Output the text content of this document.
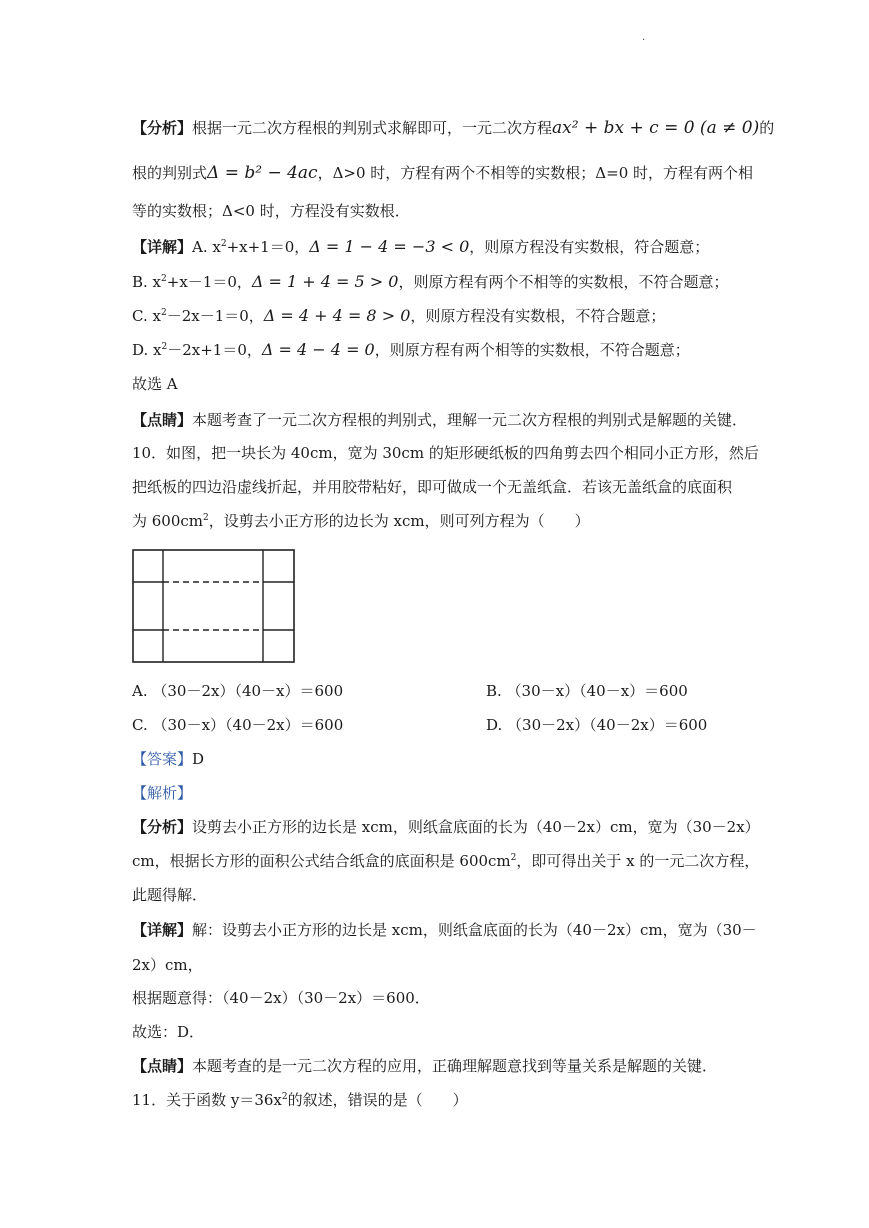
.
【分析】根据一元二次方程根的判别式求解即可，一元二次方程ax² + bx + c = 0 (a ≠ 0)的
根的判别式Δ = b² − 4ac，Δ>0 时，方程有两个不相等的实数根；Δ=0 时，方程有两个相
等的实数根；Δ<0 时，方程没有实数根．
【详解】A. $x^2+x+1=0$，Δ = 1 − 4 = −3 < 0，则原方程没有实数根，符合题意；
B. $x^2+x-1=0$，Δ = 1 + 4 = 5 > 0，则原方程有两个不相等的实数根，不符合题意；
C. $x^2-2x-1=0$，Δ = 4 + 4 = 8 > 0，则原方程没有实数根，不符合题意；
D. $x^2-2x+1=0$，Δ = 4 − 4 = 0，则原方程有两个相等的实数根，不符合题意；
故选 A
【点睛】本题考查了一元二次方程根的判别式，理解一元二次方程根的判别式是解题的关键．
10．如图，把一块长为 40cm，宽为 30cm 的矩形硬纸板的四角剪去四个相同小正方形，然后
把纸板的四边沿虚线折起，并用胶带粘好，即可做成一个无盖纸盒．若该无盖纸盒的底面积
为 $600cm^2$，设剪去小正方形的边长为 xcm，则可列方程为（　　）
A. （30－2x）（40－x）＝600	B. （30－x）（40－x）＝600
C. （30－x）（40－2x）＝600	D. （30－2x）（40－2x）＝600
【答案】D
【解析】
【分析】设剪去小正方形的边长是 xcm，则纸盒底面的长为（40－2x）cm，宽为（30－2x）
cm，根据长方形的面积公式结合纸盒的底面积是 $600cm^2$，即可得出关于 x 的一元二次方程，
此题得解．
【详解】解：设剪去小正方形的边长是 xcm，则纸盒底面的长为（40－2x）cm，宽为（30－
2x）cm，
根据题意得：（40－2x）（30－2x）＝600．
故选：D．
【点睛】本题考查的是一元二次方程的应用，正确理解题意找到等量关系是解题的关键．
11．关于函数 $y=36x^2$的叙述，错误的是（　　）
